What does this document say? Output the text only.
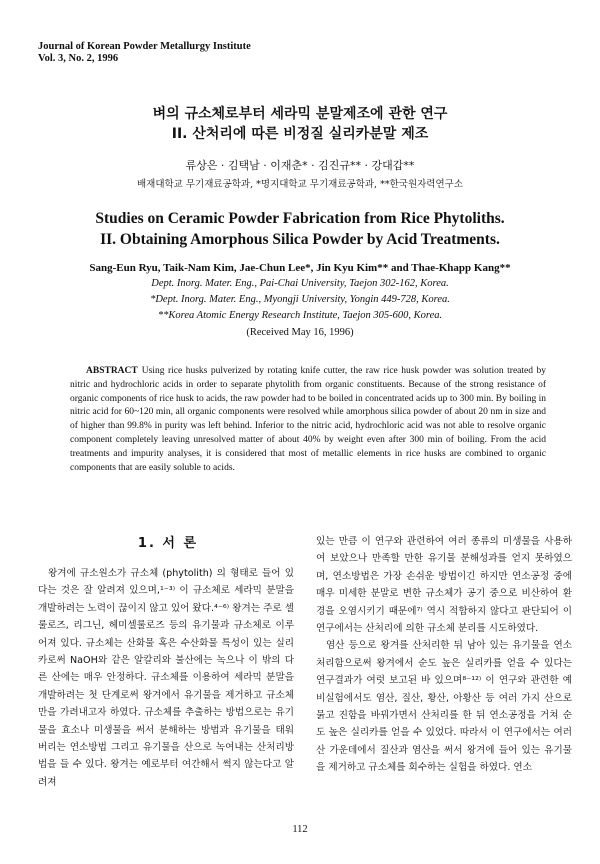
Journal of Korean Powder Metallurgy Institute
Vol. 3, No. 2, 1996
벼의 규소체로부터 세라믹 분말제조에 관한 연구
II. 산처리에 따른 비정질 실리카분말 제조
류상은 · 김택남 · 이재춘* · 김진규** · 강대갑**
배재대학교 무기재료공학과, *명지대학교 무기재료공학과, **한국원자력연구소
Studies on Ceramic Powder Fabrication from Rice Phytoliths.
II. Obtaining Amorphous Silica Powder by Acid Treatments.
Sang-Eun Ryu, Taik-Nam Kim, Jae-Chun Lee*, Jin Kyu Kim** and Thae-Khapp Kang**
Dept. Inorg. Mater. Eng., Pai-Chai University, Taejon 302-162, Korea.
*Dept. Inorg. Mater. Eng., Myongji University, Yongin 449-728, Korea.
**Korea Atomic Energy Research Institute, Taejon 305-600, Korea.
(Received May 16, 1996)
ABSTRACT Using rice husks pulverized by rotating knife cutter, the raw rice husk powder was solution treated by nitric and hydrochloric acids in order to separate phytolith from organic constituents. Because of the strong resistance of organic components of rice husk to acids, the raw powder had to be boiled in concentrated acids up to 300 min. By boiling in nitric acid for 60~120 min, all organic components were resolved while amorphous silica powder of about 20 nm in size and of higher than 99.8% in purity was left behind. Inferior to the nitric acid, hydrochloric acid was not able to resolve organic component completely leaving unresolved matter of about 40% by weight even after 300 min of boiling. From the acid treatments and impurity analyses, it is considered that most of metallic elements in rice husks are combined to organic components that are easily soluble to acids.
1. 서 론

왕겨에 규소원소가 규소체 (phytolith) 의 형태로 들어 있다는 것은 잘 알려져 있으며,¹⁻³⁾ 이 규소체로 세라믹 분말을 개발하려는 노력이 끊이지 않고 있어 왔다.⁴⁻⁶⁾ 왕겨는 주로 셀룰로즈, 리그닌, 헤미셀룰로즈 등의 유기물과 규소체로 이루어져 있다. 규소체는 산화물 혹은 수산화물 특성이 있는 실리카로써 NaOH와 같은 알칼리와 불산에는 녹으나 이 밖의 다른 산에는 매우 안정하다. 규소체를 이용하여 세라믹 분말을 개발하려는 첫 단계로써 왕겨에서 유기물을 제거하고 규소체만을 가려내고자 하였다. 규소체를 추출하는 방법으로는 유기물을 효소나 미생물을 써서 분해하는 방법과 유기물을 태워 버리는 연소방법 그리고 유기물을 산으로 녹여내는 산처리방법을 들 수 있다. 왕겨는 예로부터 여간해서 썩지 않는다고 알려져

있는 만큼 이 연구와 관련하여 여러 종류의 미생물을 사용하여 보았으나 만족할 만한 유기물 분해성과를 얻지 못하였으며, 연소방법은 가장 손쉬운 방법이긴 하지만 연소공정 중에 매우 미세한 분말로 변한 규소체가 공기 중으로 비산하여 환경을 오염시키기 때문에⁷⁾ 역시 적합하지 않다고 판단되어 이 연구에서는 산처리에 의한 규소체 분리를 시도하였다.

염산 등으로 왕겨를 산처리한 뒤 남아 있는 유기물을 연소처리함으로써 왕겨에서 순도 높은 실리카를 얻을 수 있다는 연구결과가 여럿 보고된 바 있으며⁸⁻¹²⁾ 이 연구와 관련한 예비실험에서도 염산, 질산, 황산, 아황산 등 여러 가지 산으로 묽고 진함을 바꿔가면서 산처리를 한 뒤 연소공정을 거쳐 순도 높은 실리카를 얻을 수 있었다. 따라서 이 연구에서는 여러 산 가운데에서 질산과 염산을 써서 왕겨에 들어 있는 유기물을 제거하고 규소체를 회수하는 실험을 하였다. 연소

112
